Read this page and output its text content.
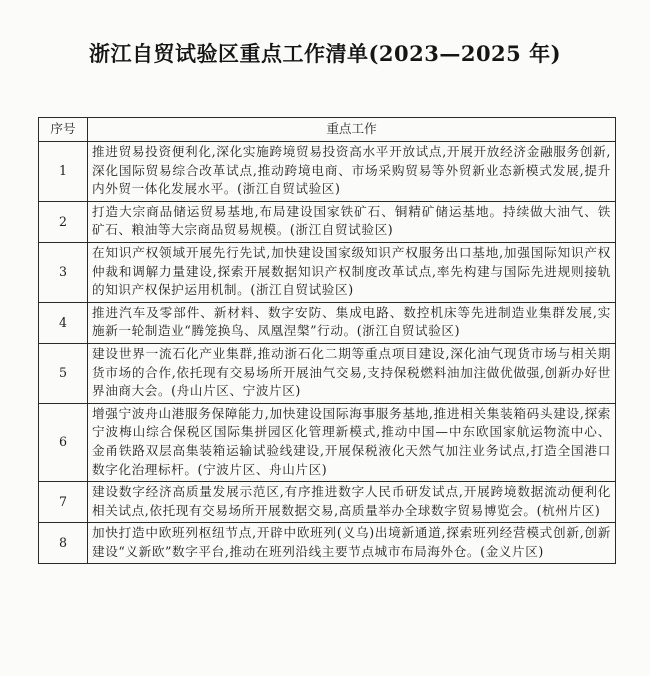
浙江自贸试验区重点工作清单(2023—2025 年)
序号	重点工作
1	推进贸易投资便利化,深化实施跨境贸易投资高水平开放试点,开展开放经济金融服务创新,深化国际贸易综合改革试点,推动跨境电商、市场采购贸易等外贸新业态新模式发展,提升内外贸一体化发展水平。(浙江自贸试验区)
2	打造大宗商品储运贸易基地,布局建设国家铁矿石、铜精矿储运基地。持续做大油气、铁矿石、粮油等大宗商品贸易规模。(浙江自贸试验区)
3	在知识产权领域开展先行先试,加快建设国家级知识产权服务出口基地,加强国际知识产权仲裁和调解力量建设,探索开展数据知识产权制度改革试点,率先构建与国际先进规则接轨的知识产权保护运用机制。(浙江自贸试验区)
4	推进汽车及零部件、新材料、数字安防、集成电路、数控机床等先进制造业集群发展,实施新一轮制造业“腾笼换鸟、凤凰涅槃”行动。(浙江自贸试验区)
5	建设世界一流石化产业集群,推动浙石化二期等重点项目建设,深化油气现货市场与相关期货市场的合作,依托现有交易场所开展油气交易,支持保税燃料油加注做优做强,创新办好世界油商大会。(舟山片区、宁波片区)
6	增强宁波舟山港服务保障能力,加快建设国际海事服务基地,推进相关集装箱码头建设,探索宁波梅山综合保税区国际集拼园区化管理新模式,推动中国—中东欧国家航运物流中心、金甬铁路双层高集装箱运输试验线建设,开展保税液化天然气加注业务试点,打造全国港口数字化治理标杆。(宁波片区、舟山片区)
7	建设数字经济高质量发展示范区,有序推进数字人民币研发试点,开展跨境数据流动便利化相关试点,依托现有交易场所开展数据交易,高质量举办全球数字贸易博览会。(杭州片区)
8	加快打造中欧班列枢纽节点,开辟中欧班列(义乌)出境新通道,探索班列经营模式创新,创新建设“义新欧”数字平台,推动在班列沿线主要节点城市布局海外仓。(金义片区)
